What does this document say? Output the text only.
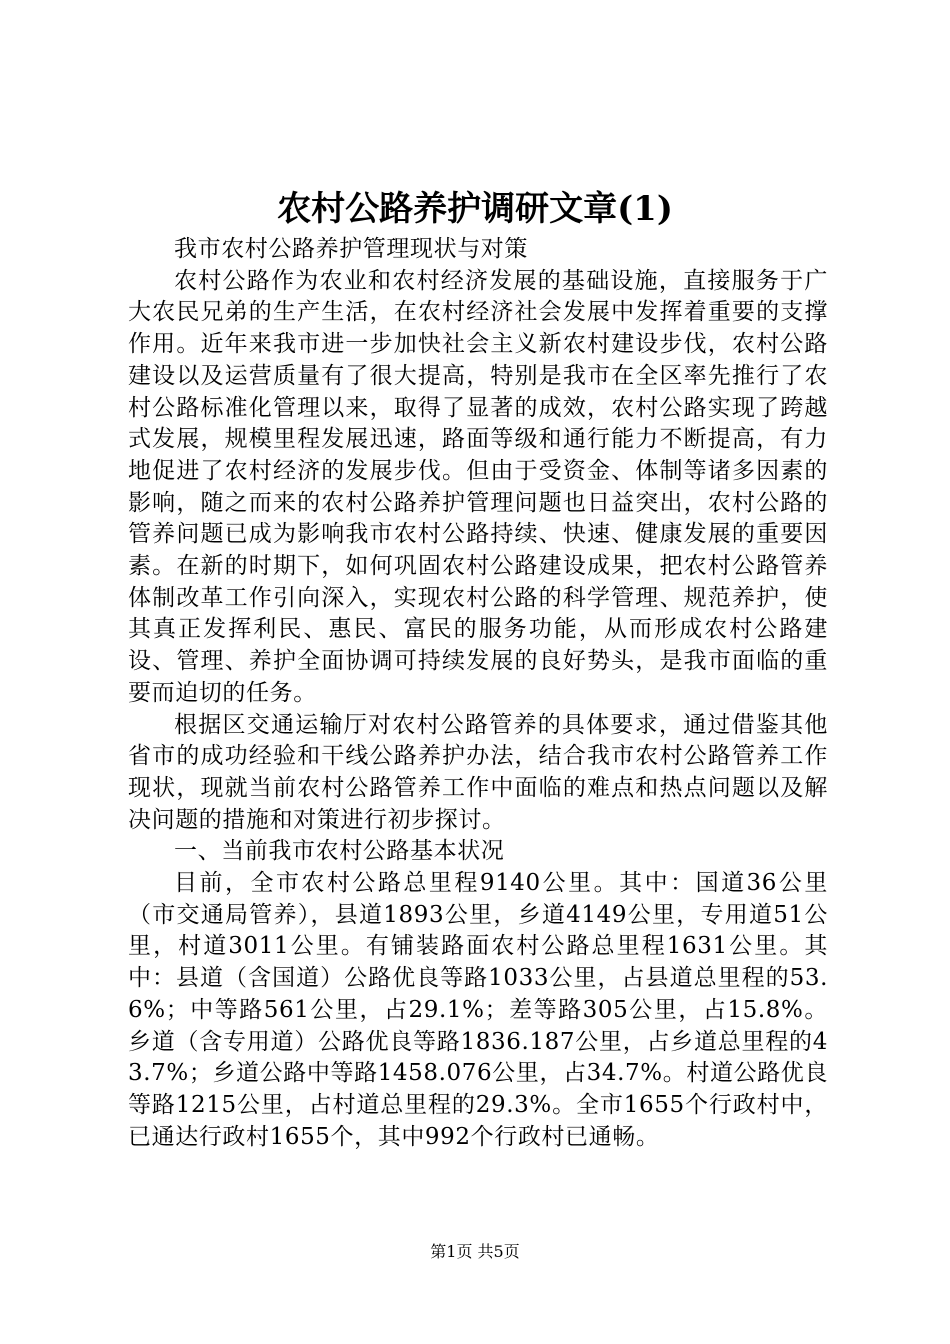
农村公路养护调研文章(1)

我市农村公路养护管理现状与对策

农村公路作为农业和农村经济发展的基础设施，直接服务于广大农民兄弟的生产生活，在农村经济社会发展中发挥着重要的支撑作用。近年来我市进一步加快社会主义新农村建设步伐，农村公路建设以及运营质量有了很大提高，特别是我市在全区率先推行了农村公路标准化管理以来，取得了显著的成效，农村公路实现了跨越式发展，规模里程发展迅速，路面等级和通行能力不断提高，有力地促进了农村经济的发展步伐。但由于受资金、体制等诸多因素的影响，随之而来的农村公路养护管理问题也日益突出，农村公路的管养问题已成为影响我市农村公路持续、快速、健康发展的重要因素。在新的时期下，如何巩固农村公路建设成果，把农村公路管养体制改革工作引向深入，实现农村公路的科学管理、规范养护，使其真正发挥利民、惠民、富民的服务功能，从而形成农村公路建设、管理、养护全面协调可持续发展的良好势头，是我市面临的重要而迫切的任务。

根据区交通运输厅对农村公路管养的具体要求，通过借鉴其他省市的成功经验和干线公路养护办法，结合我市农村公路管养工作现状，现就当前农村公路管养工作中面临的难点和热点问题以及解决问题的措施和对策进行初步探讨。

一、当前我市农村公路基本状况

目前，全市农村公路总里程9140公里。其中：国道36公里（市交通局管养），县道1893公里，乡道4149公里，专用道51公里，村道3011公里。有铺装路面农村公路总里程1631公里。其中：县道（含国道）公路优良等路1033公里，占县道总里程的53.6%；中等路561公里，占29.1%；差等路305公里，占15.8%。乡道（含专用道）公路优良等路1836.187公里，占乡道总里程的43.7%；乡道公路中等路1458.076公里，占34.7%。村道公路优良等路1215公里，占村道总里程的29.3%。全市1655个行政村中，已通达行政村1655个，其中992个行政村已通畅。

第1页 共5页
